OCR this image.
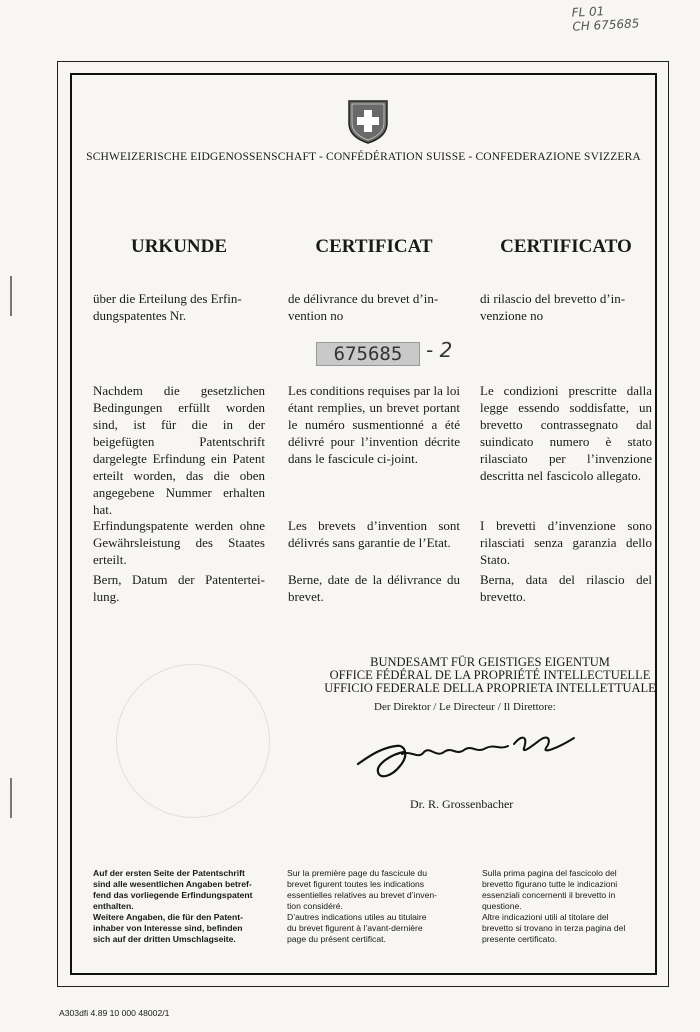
FL 01
CH 675685
SCHWEIZERISCHE EIDGENOSSENSCHAFT - CONFÉDÉRATION SUISSE - CONFEDERAZIONE SVIZZERA
URKUNDE	CERTIFICAT	CERTIFICATO
über die Erteilung des Erfin-
dungspatentes Nr.
de délivrance du brevet d’in-
vention no
di rilascio del brevetto d’in-
venzione no
675685	- 2
Nachdem die gesetzlichen Bedingungen erfüllt worden sind, ist für die in der beigefügten Patentschrift dargelegte Erfindung ein Patent erteilt worden, das die oben angegebene Nummer erhalten hat.
Erfindungspatente werden ohne Gewährsleistung des Staates erteilt.
Bern, Datum der Patentertei-lung.
Les conditions requises par la loi étant remplies, un brevet portant le numéro susmentionné a été délivré pour l’invention décrite dans le fascicule ci-joint.
Les brevets d’invention sont délivrés sans garantie de l’Etat.
Berne, date de la délivrance du brevet.
Le condizioni prescritte dalla legge essendo soddisfatte, un brevetto contrassegnato dal suindicato numero è stato rilasciato per l’invenzione descritta nel fascicolo allegato.
I brevetti d’invenzione sono rilasciati senza garanzia dello Stato.
Berna, data del rilascio del brevetto.
BUNDESAMT FÜR GEISTIGES EIGENTUM
OFFICE FÉDÉRAL DE LA PROPRIÉTÉ INTELLECTUELLE
UFFICIO FEDERALE DELLA PROPRIETA INTELLETTUALE
Der Direktor / Le Directeur / Il Direttore:
Dr. R. Grossenbacher
Auf der ersten Seite der Patentschrift
sind alle wesentlichen Angaben betref-
fend das vorliegende Erfindungspatent
enthalten.
Weitere Angaben, die für den Patent-
inhaber von Interesse sind, befinden
sich auf der dritten Umschlagseite.
Sur la première page du fascicule du
brevet figurent toutes les indications
essentielles relatives au brevet d’inven-
tion considéré.
D’autres indications utiles au titulaire
du brevet figurent à l’avant-dernière
page du présent certificat.
Sulla prima pagina del fascicolo del
brevetto figurano tutte le indicazioni
essenziali concernenti il brevetto in
questione.
Altre indicazioni utili al titolare del
brevetto si trovano in terza pagina del
presente certificato.
A303dfi 4.89 10 000 48002/1
